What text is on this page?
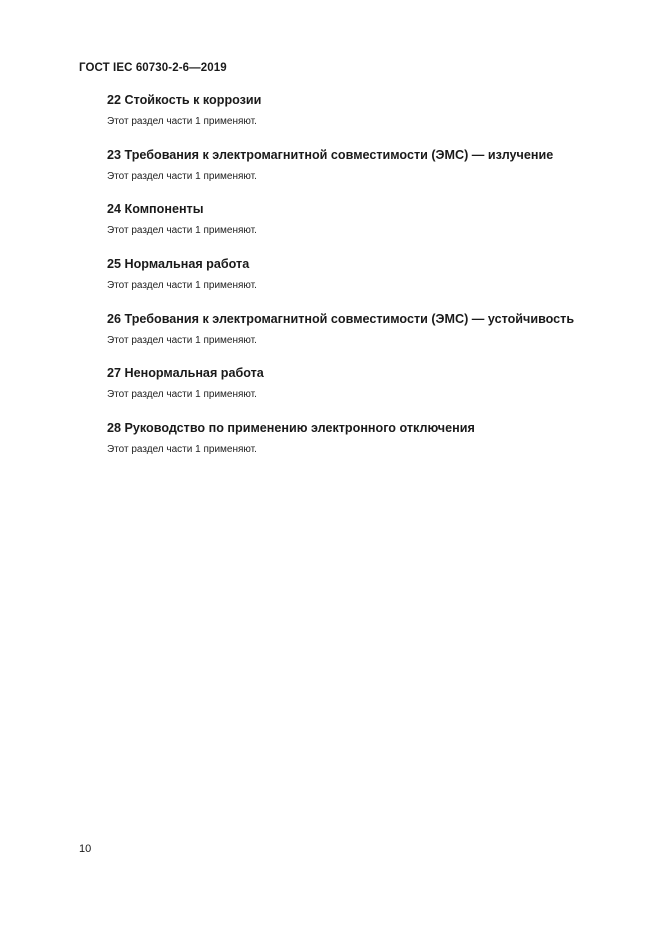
ГОСТ IEC 60730-2-6—2019
22 Стойкость к коррозии
Этот раздел части 1 применяют.
23 Требования к электромагнитной совместимости (ЭМС) — излучение
Этот раздел части 1 применяют.
24 Компоненты
Этот раздел части 1 применяют.
25 Нормальная работа
Этот раздел части 1 применяют.
26 Требования к электромагнитной совместимости (ЭМС) — устойчивость
Этот раздел части 1 применяют.
27 Ненормальная работа
Этот раздел части 1 применяют.
28 Руководство по применению электронного отключения
Этот раздел части 1 применяют.
10
